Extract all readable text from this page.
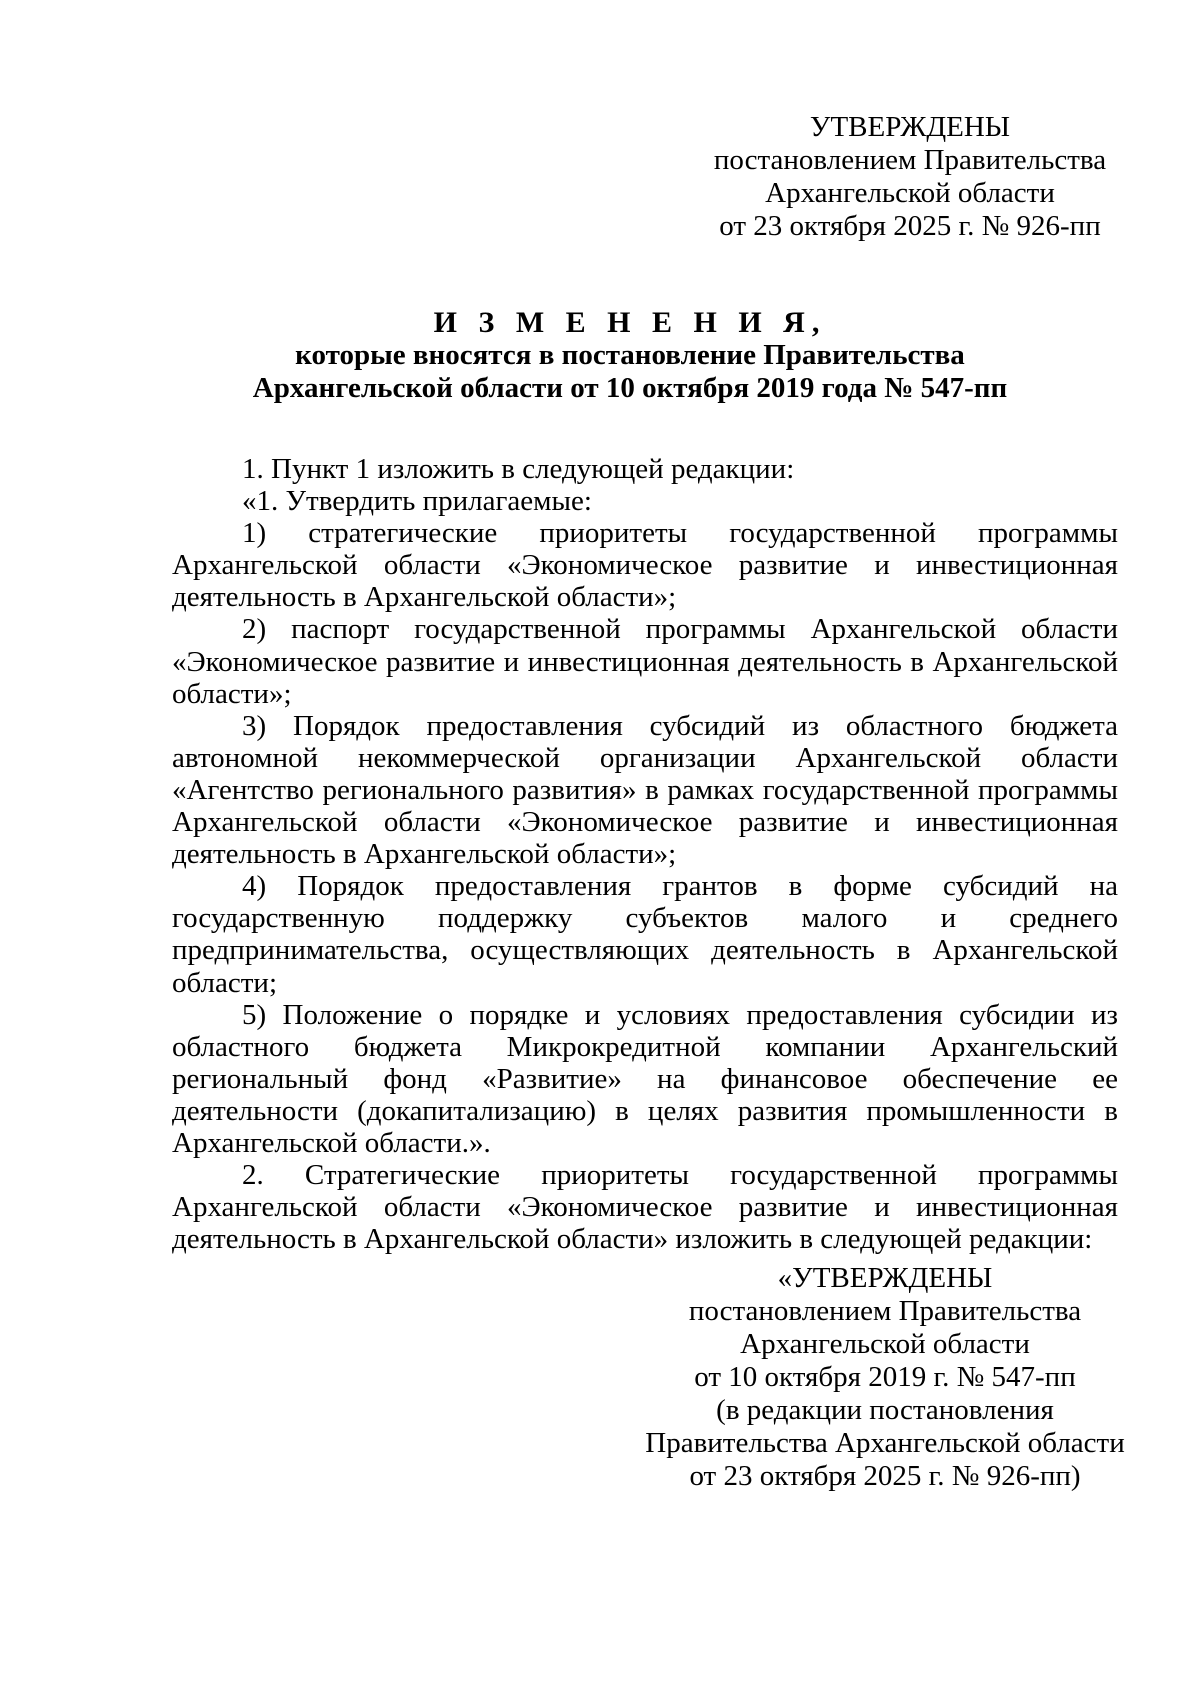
УТВЕРЖДЕНЫ
постановлением Правительства
Архангельской области
от 23 октября 2025 г. № 926-пп
И З М Е Н Е Н И Я,
которые вносятся в постановление Правительства
Архангельской области от 10 октября 2019 года № 547-пп

1. Пункт 1 изложить в следующей редакции:

«1. Утвердить прилагаемые:

1) стратегические приоритеты государственной программы Архангельской области «Экономическое развитие и инвестиционная деятельность в Архангельской области»;

2) паспорт государственной программы Архангельской области «Экономическое развитие и инвестиционная деятельность в Архангельской области»;

3) Порядок предоставления субсидий из областного бюджета автономной некоммерческой организации Архангельской области «Агентство регионального развития» в рамках государственной программы Архангельской области «Экономическое развитие и инвестиционная деятельность в Архангельской области»;

4) Порядок предоставления грантов в форме субсидий на государственную поддержку субъектов малого и среднего предпринимательства, осуществляющих деятельность в Архангельской области;

5) Положение о порядке и условиях предоставления субсидии из областного бюджета Микрокредитной компании Архангельский региональный фонд «Развитие» на финансовое обеспечение ее деятельности (докапитализацию) в целях развития промышленности в Архангельской области.».

2. Стратегические приоритеты государственной программы Архангельской области «Экономическое развитие и инвестиционная деятельность в Архангельской области» изложить в следующей редакции:

«УТВЕРЖДЕНЫ
постановлением Правительства
Архангельской области
от 10 октября 2019 г. № 547-пп
(в редакции постановления
Правительства Архангельской области
от 23 октября 2025 г. № 926-пп)
